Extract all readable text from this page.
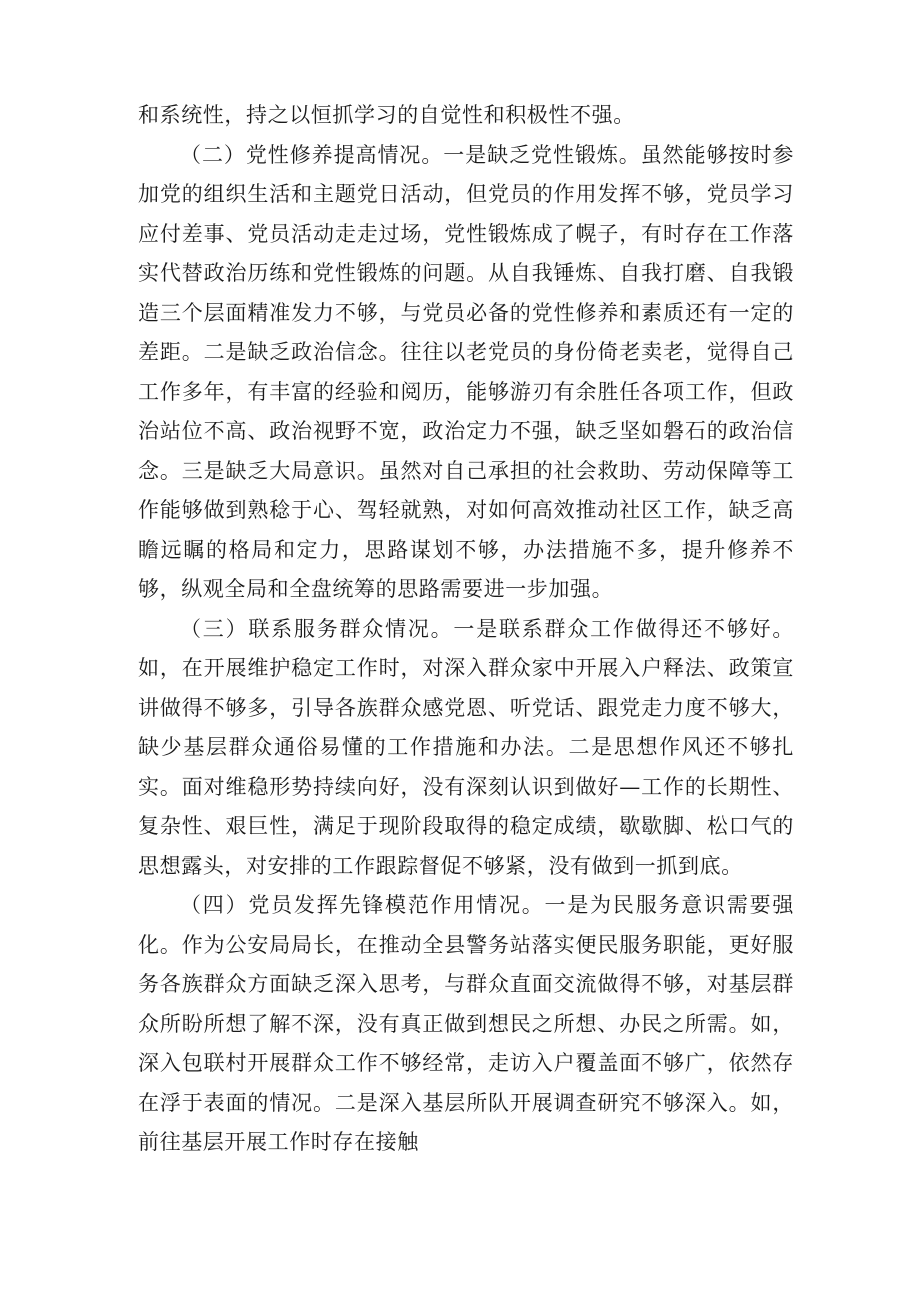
和系统性，持之以恒抓学习的自觉性和积极性不强。

（二）党性修养提高情况。一是缺乏党性锻炼。虽然能够按时参加党的组织生活和主题党日活动，但党员的作用发挥不够，党员学习应付差事、党员活动走走过场，党性锻炼成了幌子，有时存在工作落实代替政治历练和党性锻炼的问题。从自我锤炼、自我打磨、自我锻造三个层面精准发力不够，与党员必备的党性修养和素质还有一定的差距。二是缺乏政治信念。往往以老党员的身份倚老卖老，觉得自己工作多年，有丰富的经验和阅历，能够游刃有余胜任各项工作，但政治站位不高、政治视野不宽，政治定力不强，缺乏坚如磐石的政治信念。三是缺乏大局意识。虽然对自己承担的社会救助、劳动保障等工作能够做到熟稔于心、驾轻就熟，对如何高效推动社区工作，缺乏高瞻远瞩的格局和定力，思路谋划不够，办法措施不多，提升修养不够，纵观全局和全盘统筹的思路需要进一步加强。

（三）联系服务群众情况。一是联系群众工作做得还不够好。如，在开展维护稳定工作时，对深入群众家中开展入户释法、政策宣讲做得不够多，引导各族群众感党恩、听党话、跟党走力度不够大，缺少基层群众通俗易懂的工作措施和办法。二是思想作风还不够扎实。面对维稳形势持续向好，没有深刻认识到做好—工作的长期性、复杂性、艰巨性，满足于现阶段取得的稳定成绩，歇歇脚、松口气的思想露头，对安排的工作跟踪督促不够紧，没有做到一抓到底。

（四）党员发挥先锋模范作用情况。一是为民服务意识需要强化。作为公安局局长，在推动全县警务站落实便民服务职能，更好服务各族群众方面缺乏深入思考，与群众直面交流做得不够，对基层群众所盼所想了解不深，没有真正做到想民之所想、办民之所需。如，深入包联村开展群众工作不够经常，走访入户覆盖面不够广，依然存在浮于表面的情况。二是深入基层所队开展调查研究不够深入。如，前往基层开展工作时存在接触
